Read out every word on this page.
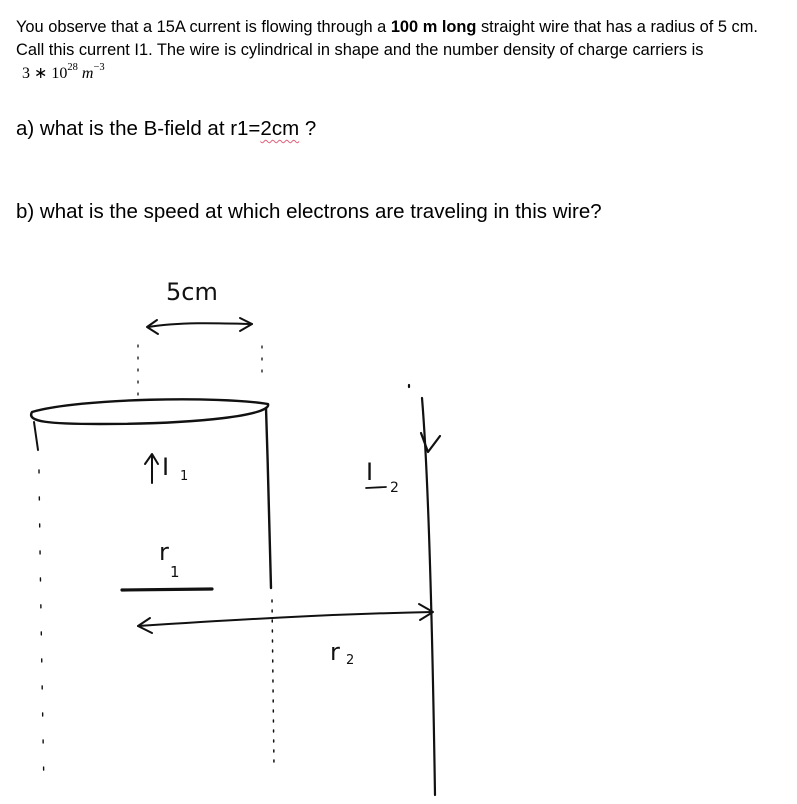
You observe that a 15A current is flowing through a 100 m long straight wire that has a radius of 5 cm. Call this current I1. The wire is cylindrical in shape and the number density of charge carriers is 3 ∗ $10^{28}$ $m^{-3}$
a) what is the B-field at r1=2cm ?
b) what is the speed at which electrons are traveling in this wire?
5cm
I 1
r
1
I
2
r 2
